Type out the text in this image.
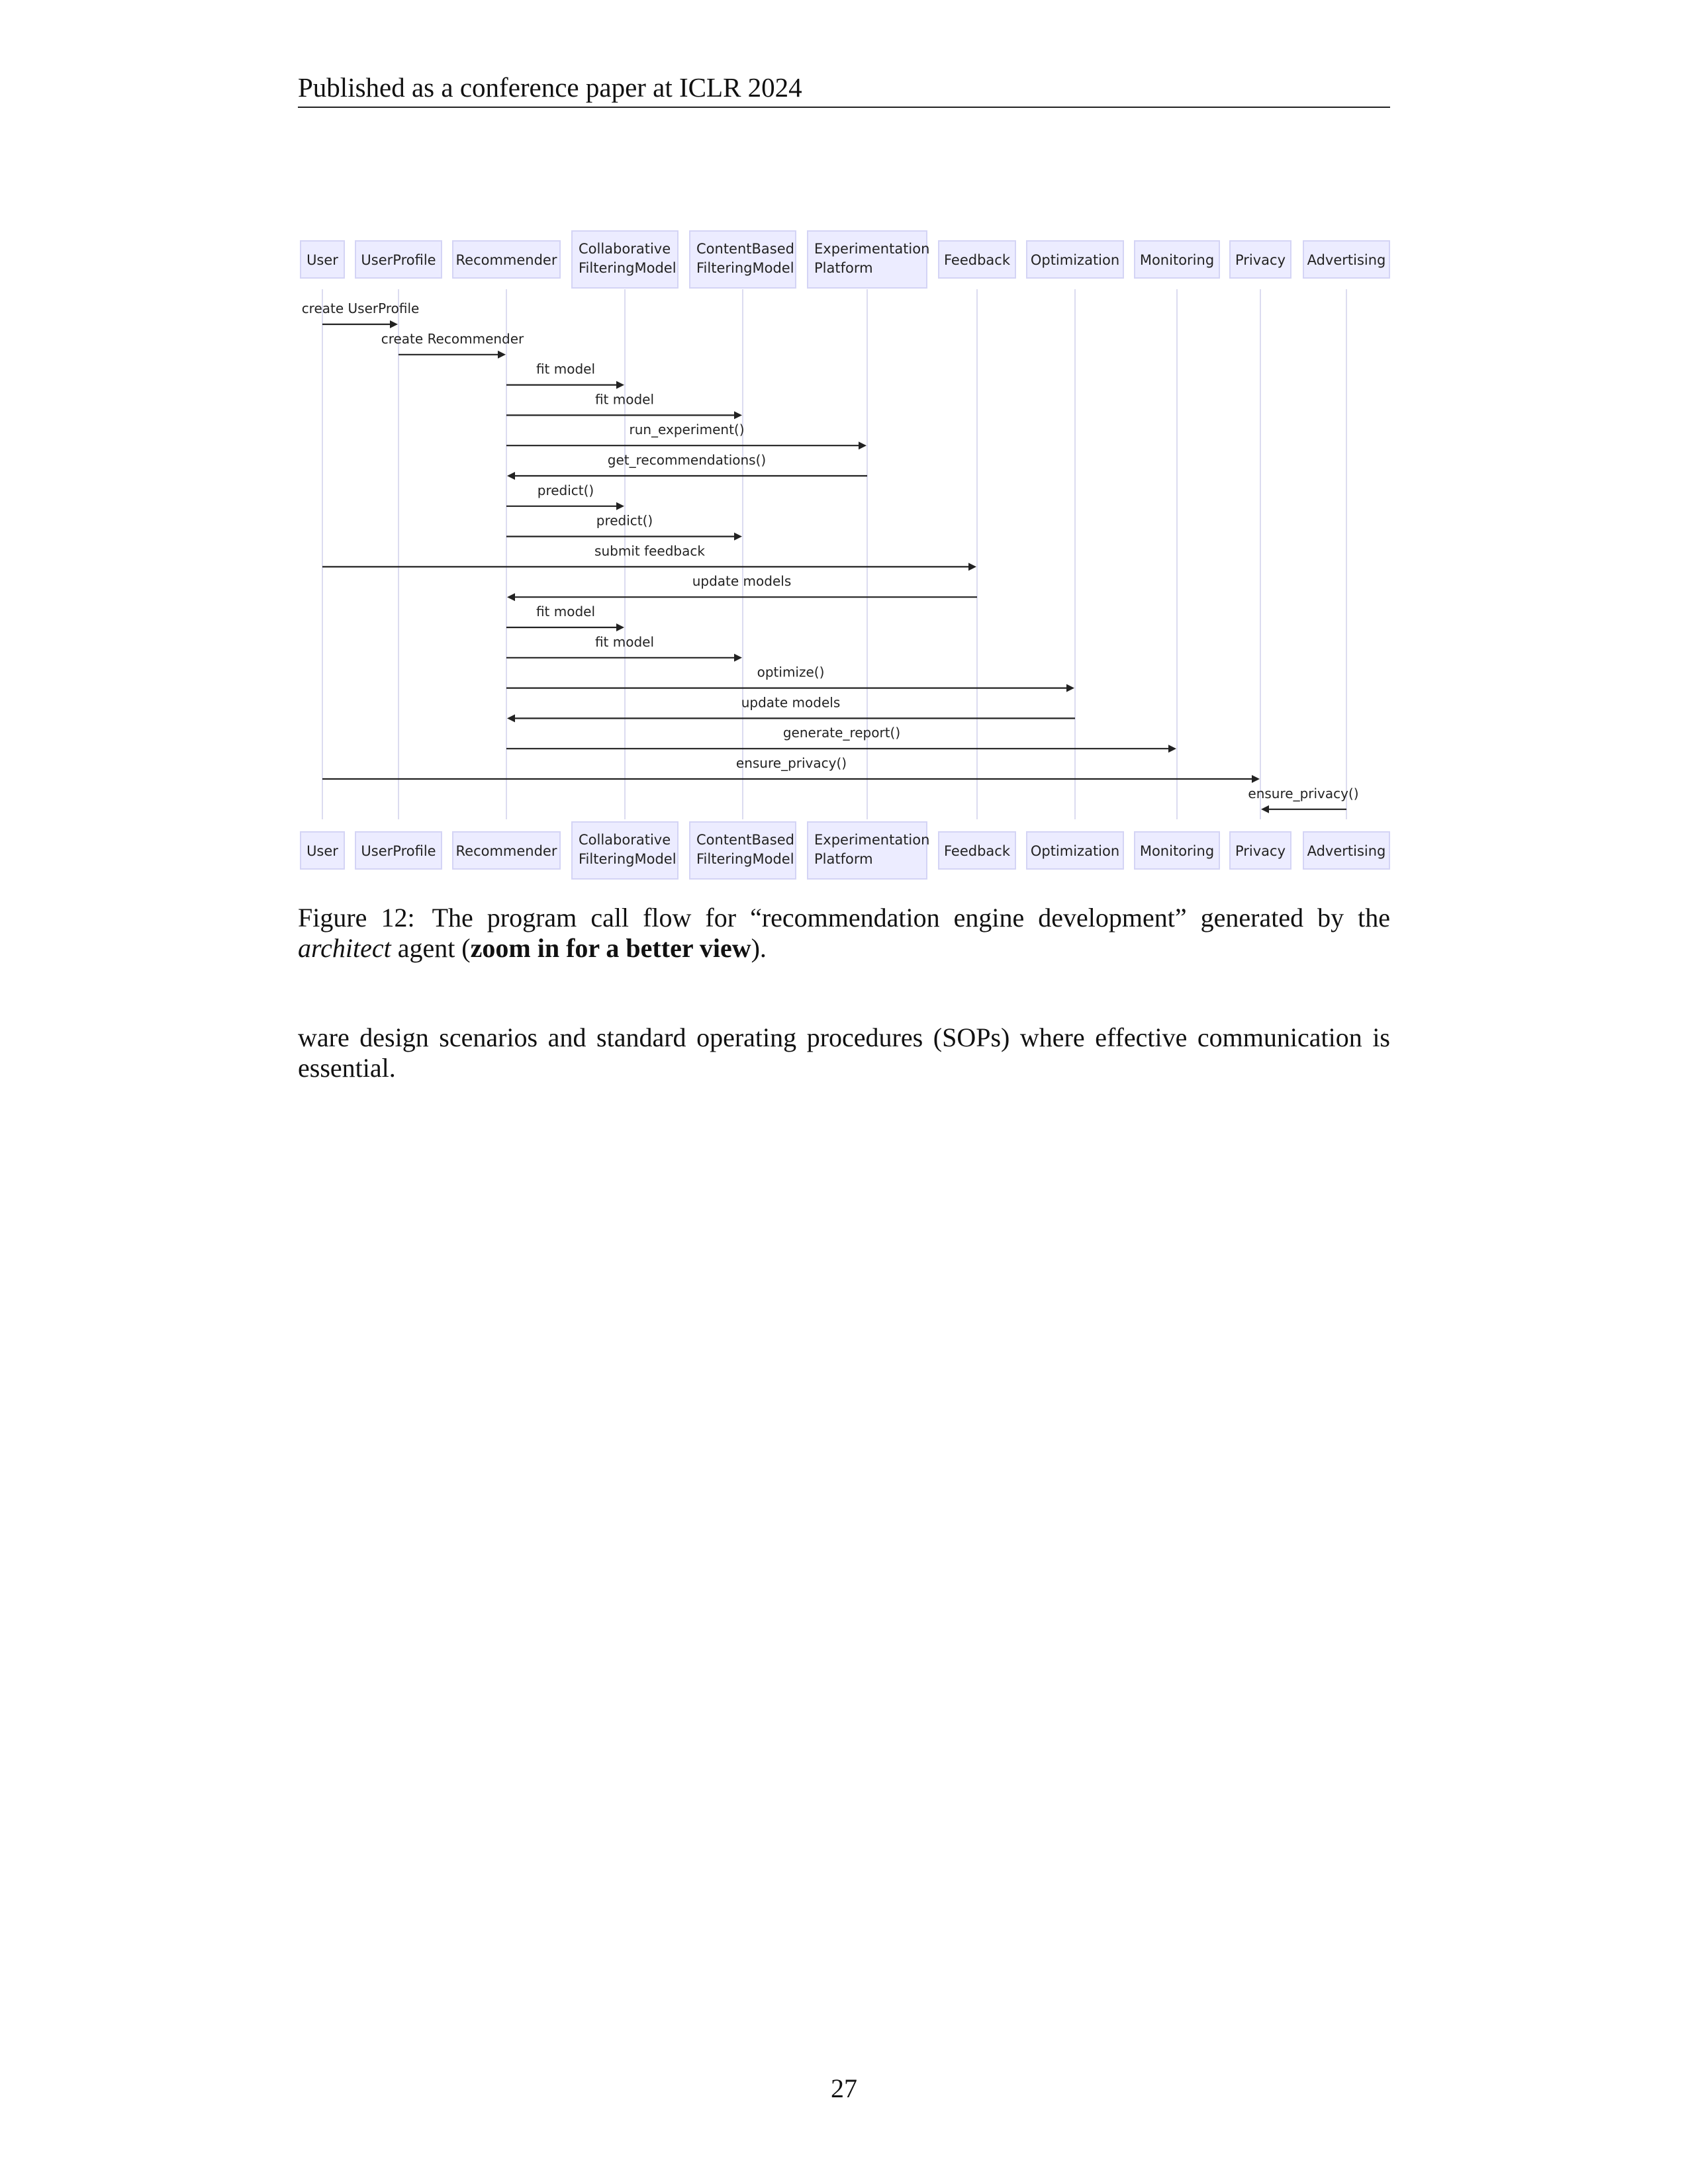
Published as a conference paper at ICLR 2024
User UserProfile Recommender
Collaborative
FilteringModel
ContentBased
FilteringModel
Experimentation
Platform	Feedback Optimization Monitoring Privacy Advertising
User UserProfile Recommender
Collaborative
FilteringModel
ContentBased
FilteringModel
Experimentation
Platform	Feedback Optimization Monitoring Privacy Advertising
create UserProfile
create Recommender
fit model
fit model
run_experiment()
get_recommendations()
predict()
predict()
submit feedback
update models
fit model
fit model
optimize()
update models
generate_report()
ensure_privacy()
ensure_privacy()
Figure 12: The program call flow for “recommendation engine development” generated by the architect agent (zoom in for a better view).
ware design scenarios and standard operating procedures (SOPs) where effective communication is essential.
27
